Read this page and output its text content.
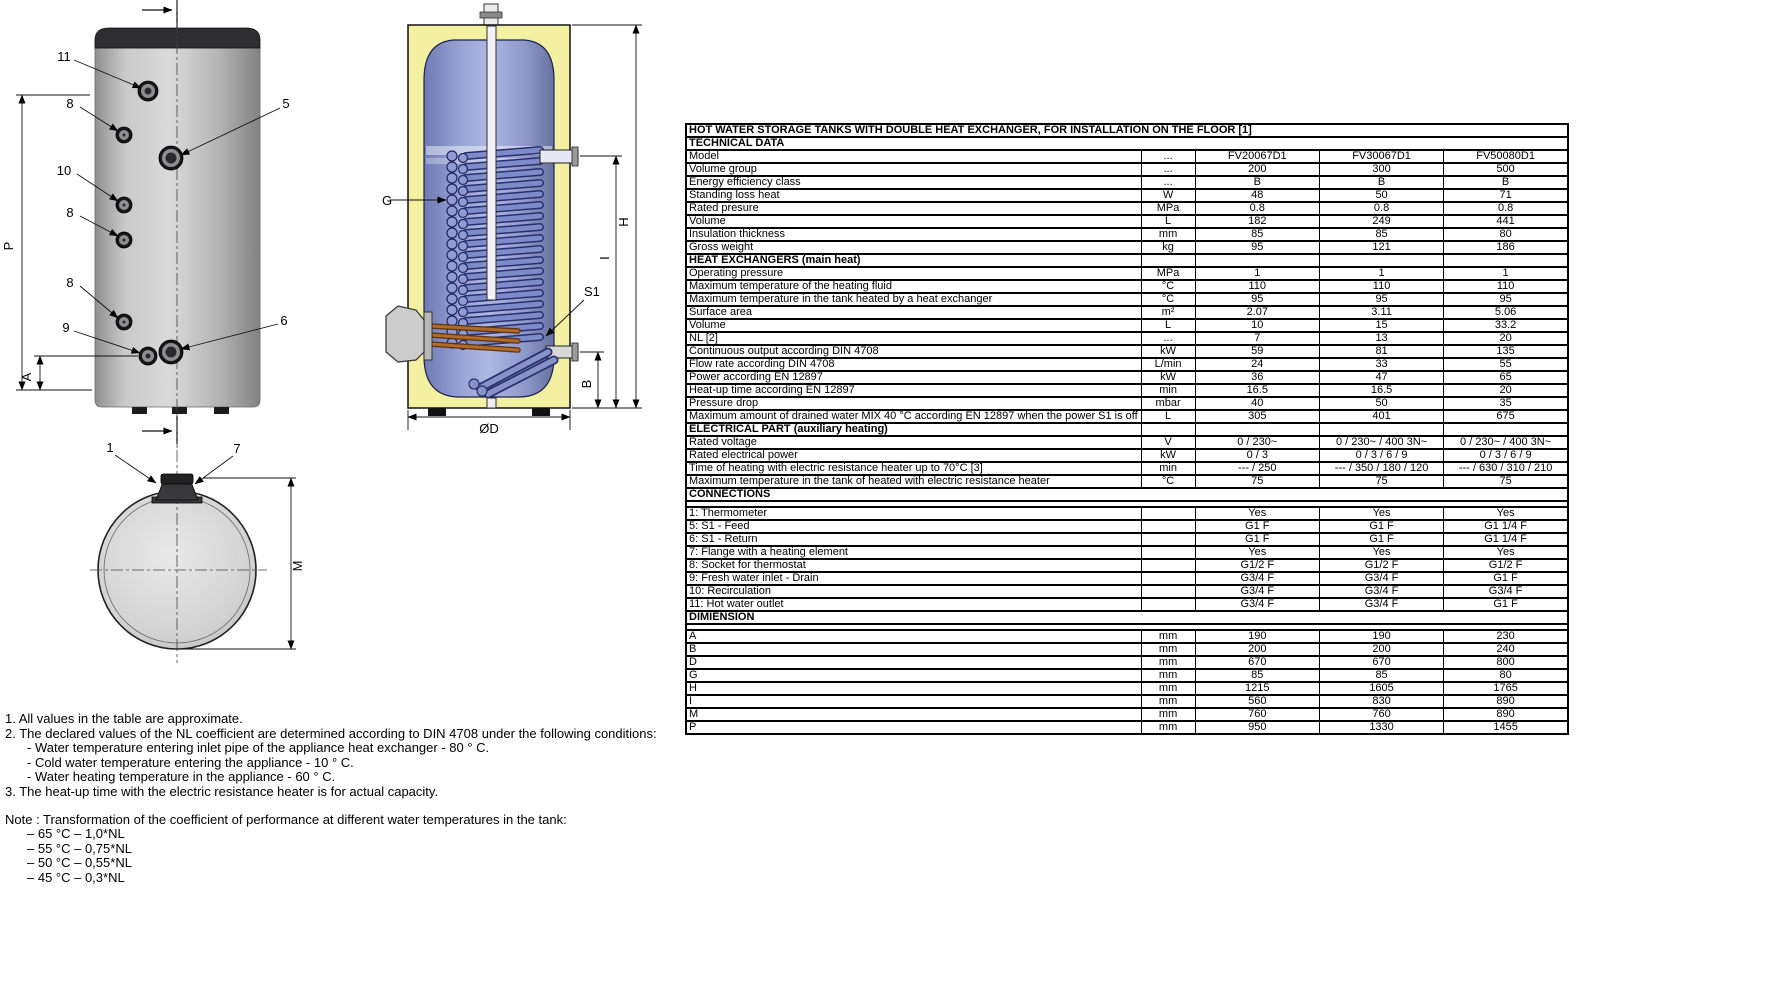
11
8
10
8
8
9
5
6
P
A
G
S1
H
I
B
ØD
1	7
M
HOT WATER STORAGE TANKS WITH DOUBLE HEAT EXCHANGER, FOR INSTALLATION ON THE FLOOR [1]				
TECHNICAL DATA				
Model	...	FV20067D1	FV30067D1	FV50080D1
Volume group	...	200	300	500
Energy efficiency class	...	B	B	B
Standing loss heat	W	48	50	71
Rated presure	MPa	0.8	0.8	0.8
Volume	L	182	249	441
Insulation thickness	mm	85	85	80
Gross weight	kg	95	121	186
HEAT EXCHANGERS (main heat)				
Operating pressure	MPa	1	1	1
Maximum temperature of the heating fluid	°C	110	110	110
Maximum temperature in the tank heated by a heat exchanger	°C	95	95	95
Surface area	m²	2.07	3.11	5.06
Volume	L	10	15	33.2
NL [2]	...	7	13	20
Continuous output according DIN 4708	kW	59	81	135
Flow rate according DIN 4708	L/min	24	33	55
Power according EN 12897	kW	36	47	65
Heat-up time according EN 12897	min	16.5	16.5	20
Pressure drop	mbar	40	50	35
Maximum amount of drained water MIX 40 °C according EN 12897 when the power S1 is off	L	305	401	675
ELECTRICAL PART (auxiliary heating)				
Rated voltage	V	0 / 230~	0 / 230~ / 400 3N~	0 / 230~ / 400 3N~
Rated electrical power	kW	0 / 3	0 / 3 / 6 / 9	0 / 3 / 6 / 9
Time of heating with electric resistance heater up to 70°C [3]	min	--- / 250	--- / 350 / 180 / 120	--- / 630 / 310 / 210
Maximum temperature in the tank of heated with electric resistance heater	°C	75	75	75
CONNECTIONS				

1: Thermometer		Yes	Yes	Yes
5: S1 - Feed		G1 F	G1 F	G1 1/4 F
6: S1 - Return		G1 F	G1 F	G1 1/4 F
7: Flange with a heating element		Yes	Yes	Yes
8: Socket for thermostat		G1/2 F	G1/2 F	G1/2 F
9: Fresh water inlet - Drain		G3/4 F	G3/4 F	G1 F
10: Recirculation		G3/4 F	G3/4 F	G3/4 F
11: Hot water outlet		G3/4 F	G3/4 F	G1 F
DIMIENSION				

A	mm	190	190	230
B	mm	200	200	240
D	mm	670	670	800
G	mm	85	85	80
H	mm	1215	1605	1765
I	mm	560	830	890
M	mm	760	760	890
P	mm	950	1330	1455
1. All values in the table are approximate.
2. The declared values of the NL coefficient are determined according to DIN 4708 under the following conditions:
- Water temperature entering inlet pipe of the appliance heat exchanger - 80 ° C.
- Cold water temperature entering the appliance - 10 ° C.
- Water heating temperature in the appliance - 60 ° C.
3. The heat-up time with the electric resistance heater is for actual capacity.
Note : Transformation of the coefficient of performance at different water temperatures in the tank:
– 65 °C – 1,0*NL
– 55 °C – 0,75*NL
– 50 °C – 0,55*NL
– 45 °C – 0,3*NL
